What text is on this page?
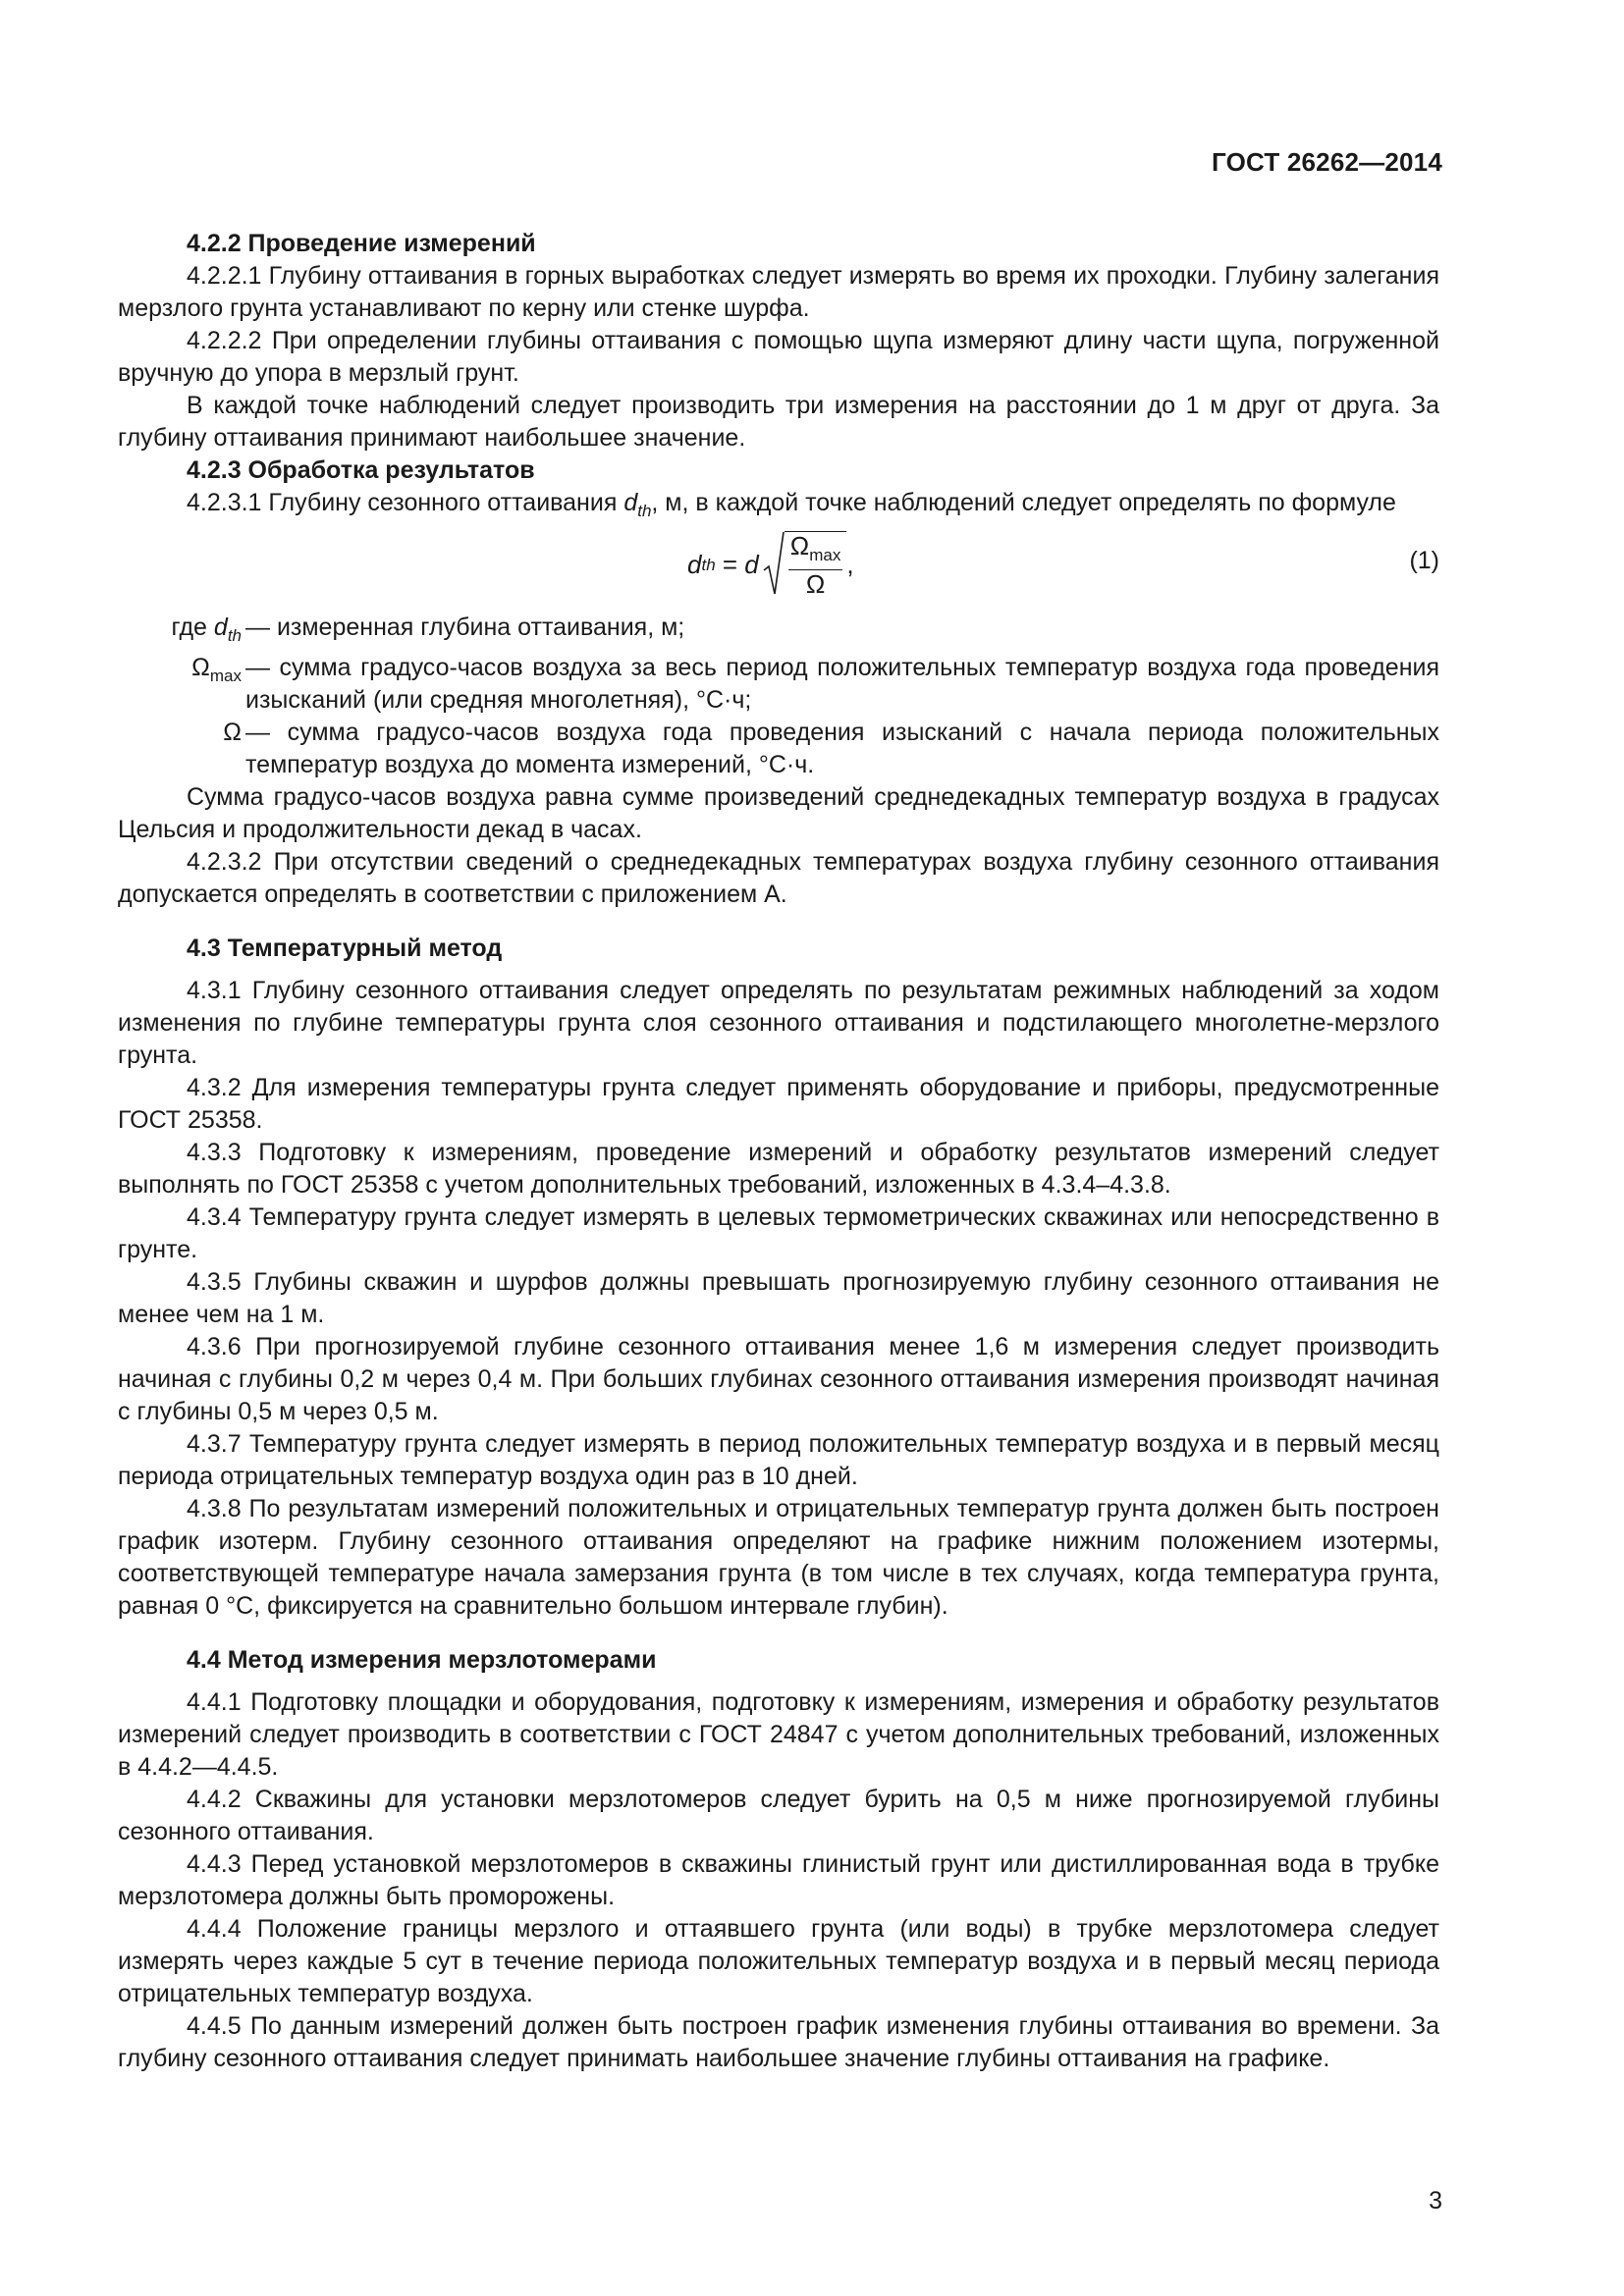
ГОСТ 26262—2014

4.2.2 Проведение измерений

4.2.2.1 Глубину оттаивания в горных выработках следует измерять во время их проходки. Глубину залегания мерзлого грунта устанавливают по керну или стенке шурфа.

4.2.2.2 При определении глубины оттаивания с помощью щупа измеряют длину части щупа, погруженной вручную до упора в мерзлый грунт.

В каждой точке наблюдений следует производить три измерения на расстоянии до 1 м друг от друга. За глубину оттаивания принимают наибольшее значение.

4.2.3 Обработка результатов

4.2.3.1 Глубину сезонного оттаивания $d_{th}$, м, в каждой точке наблюдений следует определять по формуле

d th = d $\frac{\Omega_{max}}{\Omega}$ ,	(1)
где $d_{th}$ — измеренная глубина оттаивания, м;
$\Omega_{max}$ — сумма градусо-часов воздуха за весь период положительных температур воздуха года проведения изысканий (или средняя многолетняя), °С·ч;
Ω — сумма градусо-часов воздуха года проведения изысканий с начала периода положительных температур воздуха до момента измерений, °С·ч.

Сумма градусо-часов воздуха равна сумме произведений среднедекадных температур воздуха в градусах Цельсия и продолжительности декад в часах.

4.2.3.2 При отсутствии сведений о среднедекадных температурах воздуха глубину сезонного оттаивания допускается определять в соответствии с приложением А.

4.3 Температурный метод

4.3.1 Глубину сезонного оттаивания следует определять по результатам режимных наблюдений за ходом изменения по глубине температуры грунта слоя сезонного оттаивания и подстилающего многолетне-мерзлого грунта.

4.3.2 Для измерения температуры грунта следует применять оборудование и приборы, предусмотренные ГОСТ 25358.

4.3.3 Подготовку к измерениям, проведение измерений и обработку результатов измерений следует выполнять по ГОСТ 25358 с учетом дополнительных требований, изложенных в 4.3.4–4.3.8.

4.3.4 Температуру грунта следует измерять в целевых термометрических скважинах или непосредственно в грунте.

4.3.5 Глубины скважин и шурфов должны превышать прогнозируемую глубину сезонного оттаивания не менее чем на 1 м.

4.3.6 При прогнозируемой глубине сезонного оттаивания менее 1,6 м измерения следует производить начиная с глубины 0,2 м через 0,4 м. При больших глубинах сезонного оттаивания измерения производят начиная с глубины 0,5 м через 0,5 м.

4.3.7 Температуру грунта следует измерять в период положительных температур воздуха и в первый месяц периода отрицательных температур воздуха один раз в 10 дней.

4.3.8 По результатам измерений положительных и отрицательных температур грунта должен быть построен график изотерм. Глубину сезонного оттаивания определяют на графике нижним положением изотермы, соответствующей температуре начала замерзания грунта (в том числе в тех случаях, когда температура грунта, равная 0 °С, фиксируется на сравнительно большом интервале глубин).

4.4 Метод измерения мерзлотомерами

4.4.1 Подготовку площадки и оборудования, подготовку к измерениям, измерения и обработку результатов измерений следует производить в соответствии с ГОСТ 24847 с учетом дополнительных требований, изложенных в 4.4.2—4.4.5.

4.4.2 Скважины для установки мерзлотомеров следует бурить на 0,5 м ниже прогнозируемой глубины сезонного оттаивания.

4.4.3 Перед установкой мерзлотомеров в скважины глинистый грунт или дистиллированная вода в трубке мерзлотомера должны быть проморожены.

4.4.4 Положение границы мерзлого и оттаявшего грунта (или воды) в трубке мерзлотомера следует измерять через каждые 5 сут в течение периода положительных температур воздуха и в первый месяц периода отрицательных температур воздуха.

4.4.5 По данным измерений должен быть построен график изменения глубины оттаивания во времени. За глубину сезонного оттаивания следует принимать наибольшее значение глубины оттаивания на графике.

3
